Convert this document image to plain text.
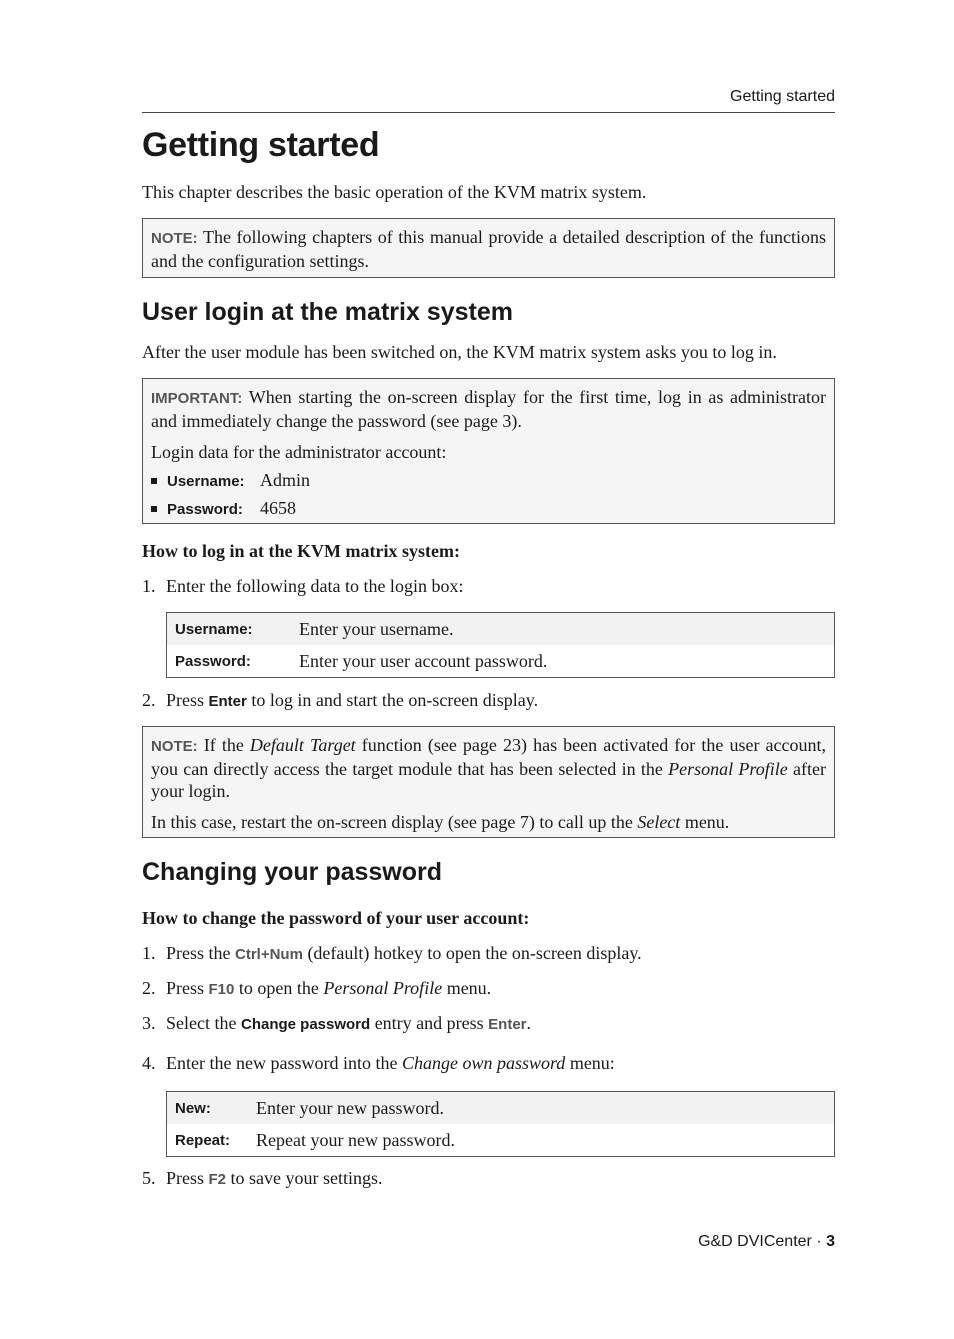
Getting started
Getting started

This chapter describes the basic operation of the KVM matrix system.

NOTE: The following chapters of this manual provide a detailed description of the functions and the configuration settings.

User login at the matrix system

After the user module has been switched on, the KVM matrix system asks you to log in.

IMPORTANT: When starting the on-screen display for the first time, log in as administrator and immediately change the password (see page 3).

Login data for the administrator account:

Username: Admin
Password: 4658

How to log in at the KVM matrix system:

1. Enter the following data to the login box:
Username:	Enter your username.
Password:	Enter your user account password.
2. Press Enter to log in and start the on-screen display.

NOTE: If the Default Target function (see page 23) has been activated for the user account, you can directly access the target module that has been selected in the Personal Profile after your login.

In this case, restart the on-screen display (see page 7) to call up the Select menu.

Changing your password

How to change the password of your user account:

1. Press the Ctrl+Num (default) hotkey to open the on-screen display.
2. Press F10 to open the Personal Profile menu.
3. Select the Change password entry and press Enter.
4. Enter the new password into the Change own password menu:
New:	Enter your new password.
Repeat:	Repeat your new password.
5. Press F2 to save your settings.
G&D DVICenter · 3
